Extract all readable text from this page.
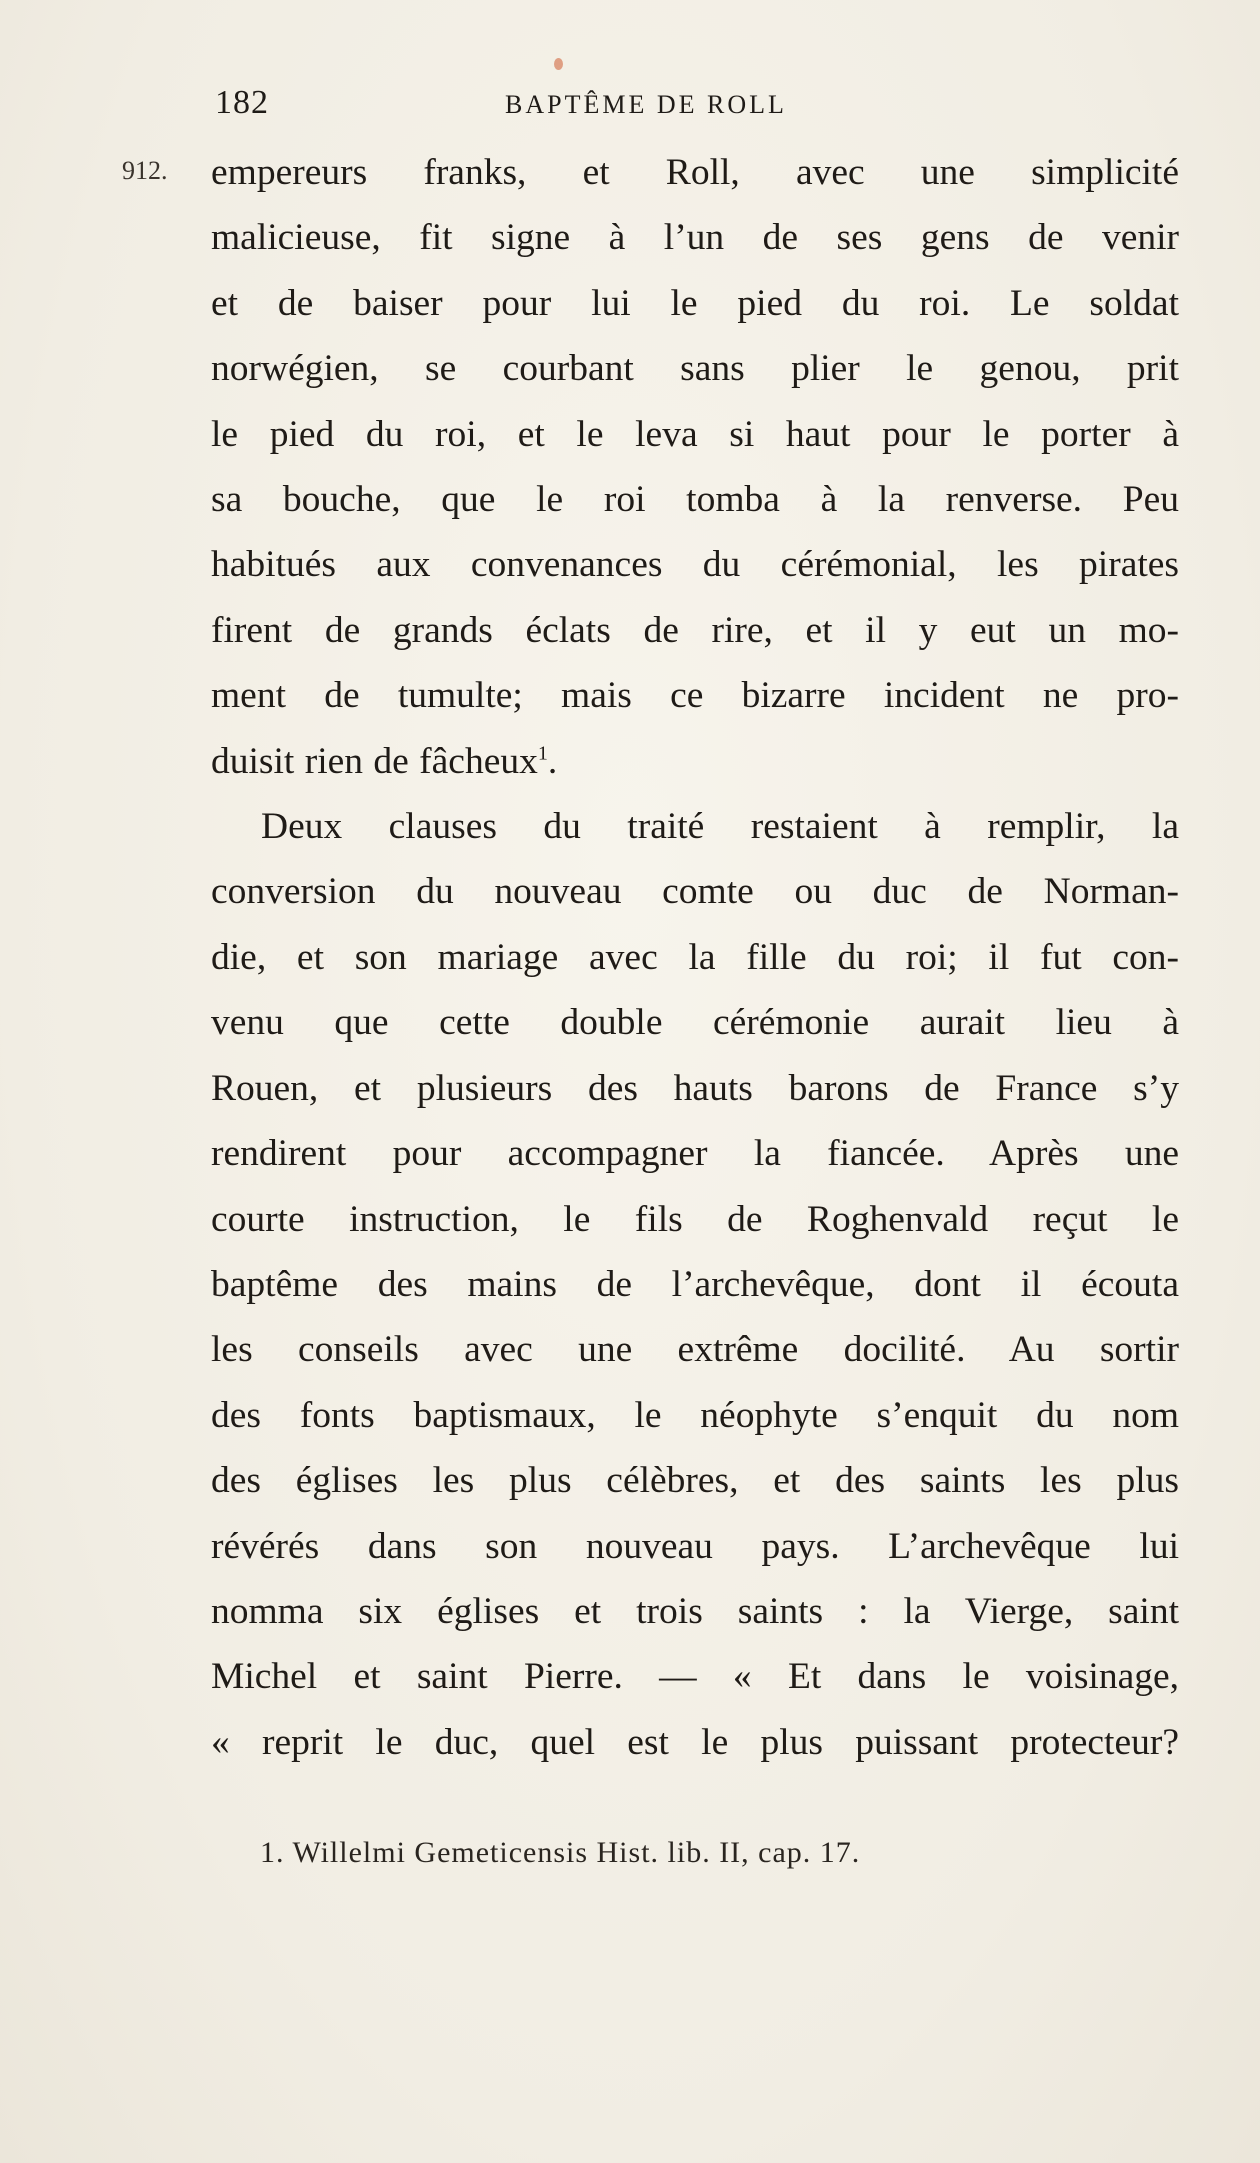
182	BAPTÊME DE ROLL
912. empereurs franks, et Roll, avec une simplicité
malicieuse, fit signe à l’un de ses gens de venir
et de baiser pour lui le pied du roi. Le soldat
norwégien, se courbant sans plier le genou, prit
le pied du roi, et le leva si haut pour le porter à
sa bouche, que le roi tomba à la renverse. Peu
habitués aux convenances du cérémonial, les pirates
firent de grands éclats de rire, et il y eut un mo-
ment de tumulte; mais ce bizarre incident ne pro-
duisit rien de fâcheux$^1$.
Deux clauses du traité restaient à remplir, la
conversion du nouveau comte ou duc de Norman-
die, et son mariage avec la fille du roi; il fut con-
venu que cette double cérémonie aurait lieu à
Rouen, et plusieurs des hauts barons de France s’y
rendirent pour accompagner la fiancée. Après une
courte instruction, le fils de Roghenvald reçut le
baptême des mains de l’archevêque, dont il écouta
les conseils avec une extrême docilité. Au sortir
des fonts baptismaux, le néophyte s’enquit du nom
des églises les plus célèbres, et des saints les plus
révérés dans son nouveau pays. L’archevêque lui
nomma six églises et trois saints : la Vierge, saint
Michel et saint Pierre. — « Et dans le voisinage,
« reprit le duc, quel est le plus puissant protecteur?
1. Willelmi Gemeticensis Hist. lib. II, cap. 17.
